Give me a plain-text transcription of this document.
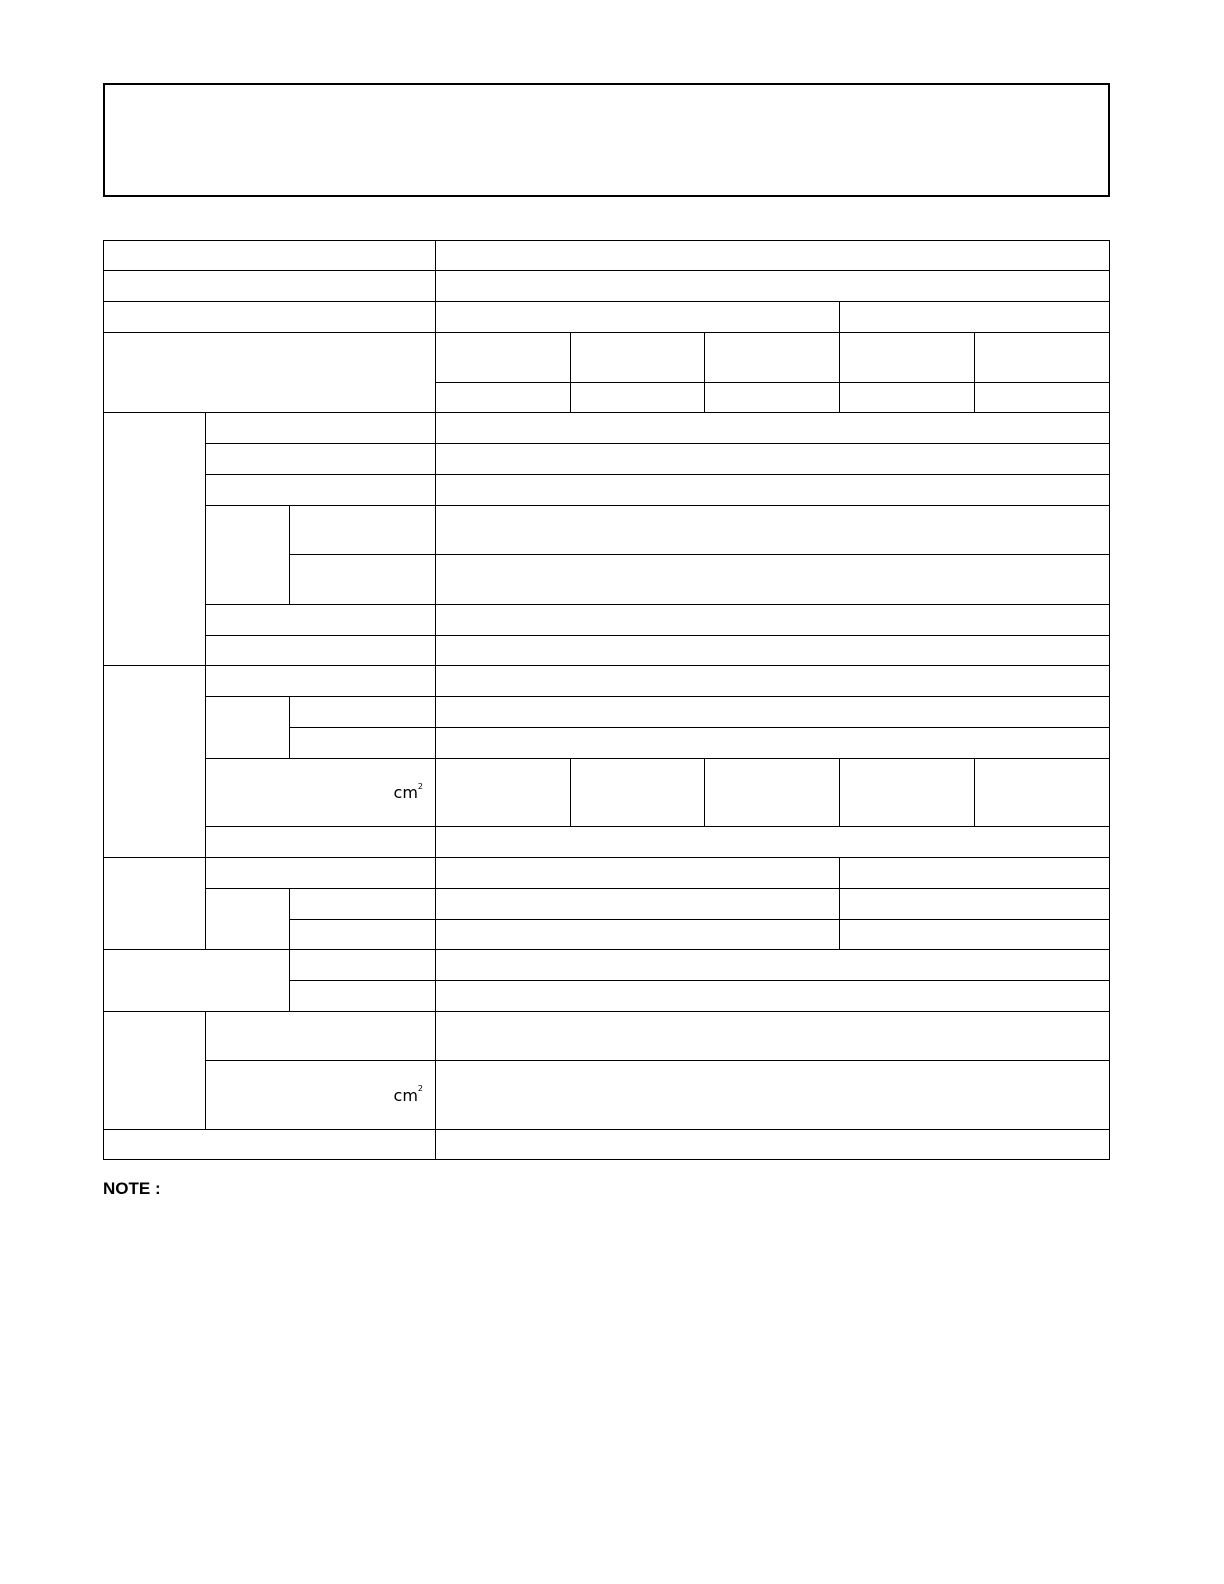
	$cm^2$					

	$cm^2$	

NOTE :
